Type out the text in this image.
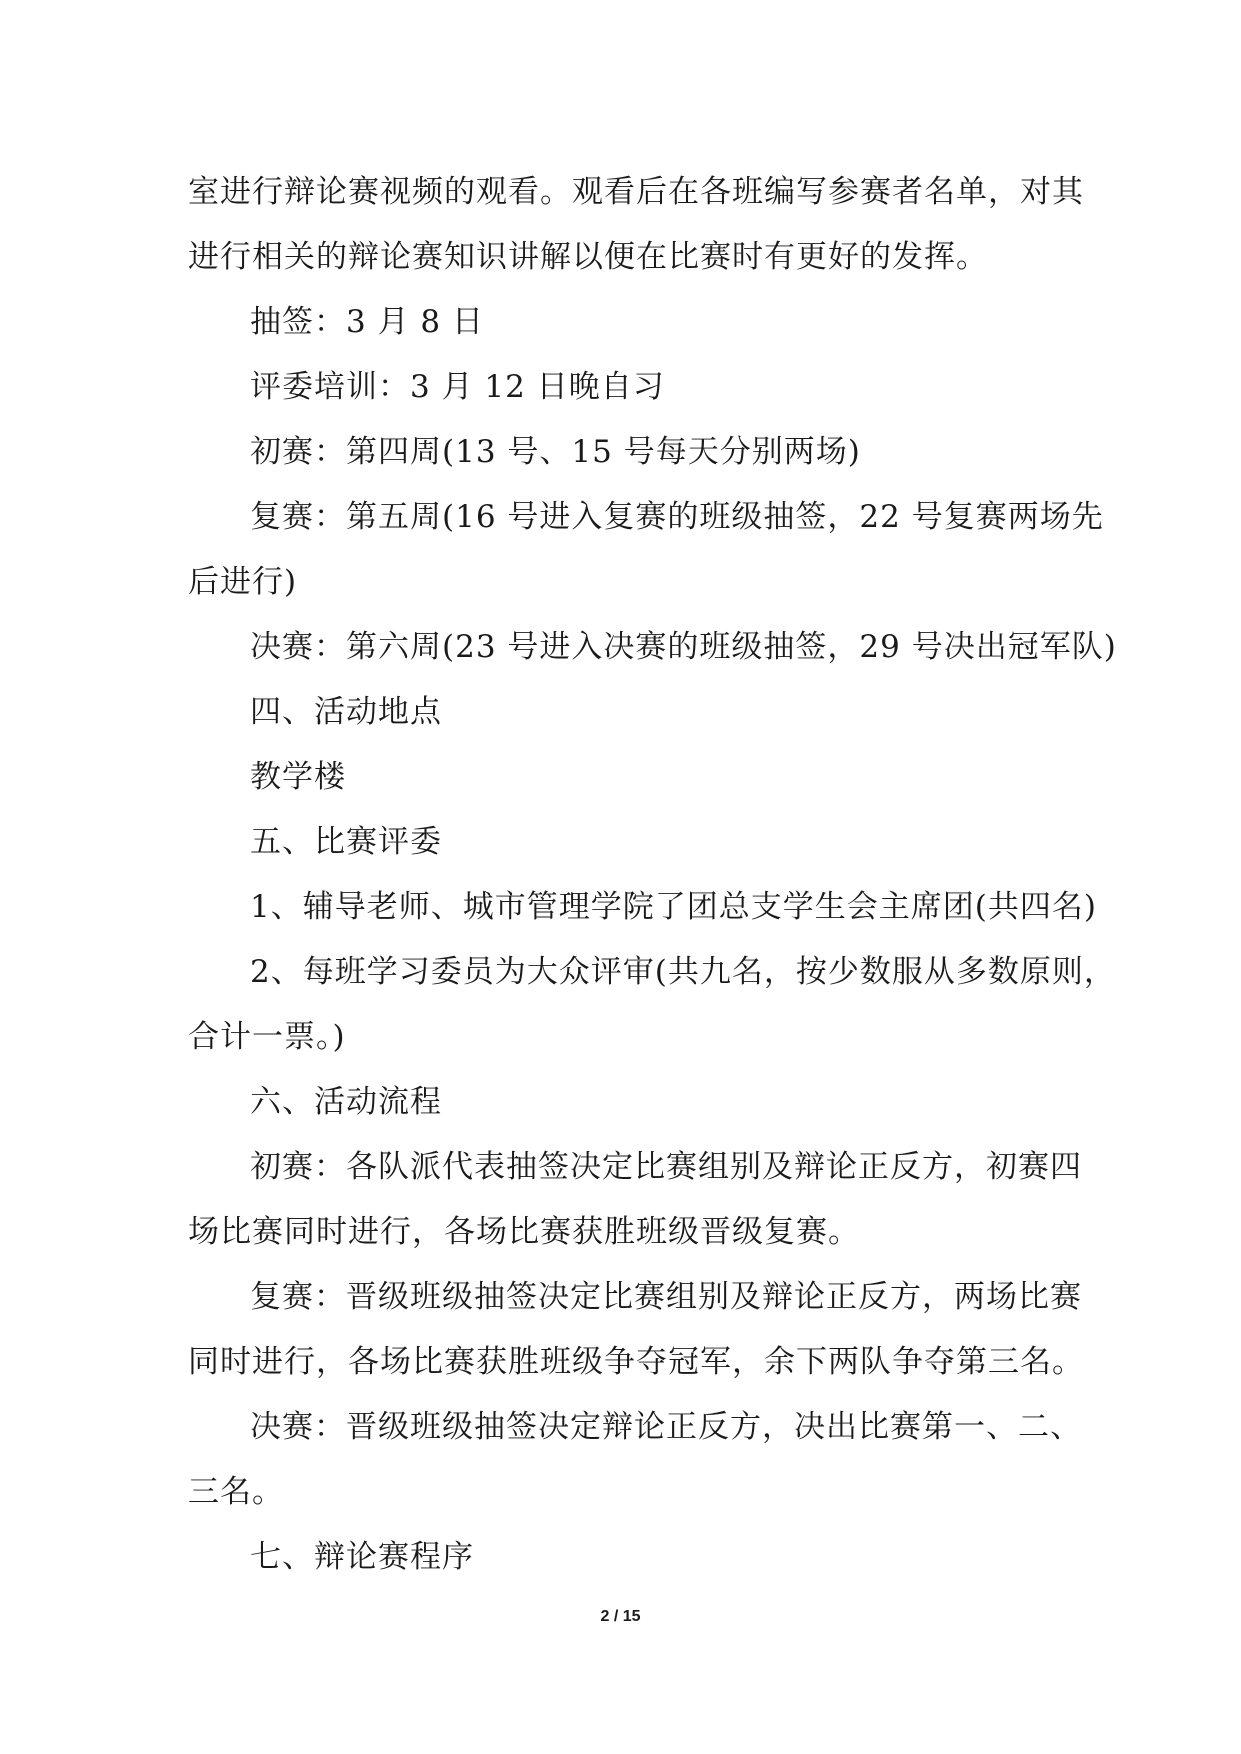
室进行辩论赛视频的观看。观看后在各班编写参赛者名单，对其

进行相关的辩论赛知识讲解以便在比赛时有更好的发挥。

抽签：3 月 8 日

评委培训：3 月 12 日晚自习

初赛：第四周(13 号、15 号每天分别两场)

复赛：第五周(16 号进入复赛的班级抽签，22 号复赛两场先

后进行)

决赛：第六周(23 号进入决赛的班级抽签，29 号决出冠军队)

四、活动地点

教学楼

五、比赛评委

1、辅导老师、城市管理学院了团总支学生会主席团(共四名)

2、每班学习委员为大众评审(共九名，按少数服从多数原则，

合计一票。)

六、活动流程

初赛：各队派代表抽签决定比赛组别及辩论正反方，初赛四

场比赛同时进行，各场比赛获胜班级晋级复赛。

复赛：晋级班级抽签决定比赛组别及辩论正反方，两场比赛

同时进行，各场比赛获胜班级争夺冠军，余下两队争夺第三名。

决赛：晋级班级抽签决定辩论正反方，决出比赛第一、二、

三名。

七、辩论赛程序

2 / 15
